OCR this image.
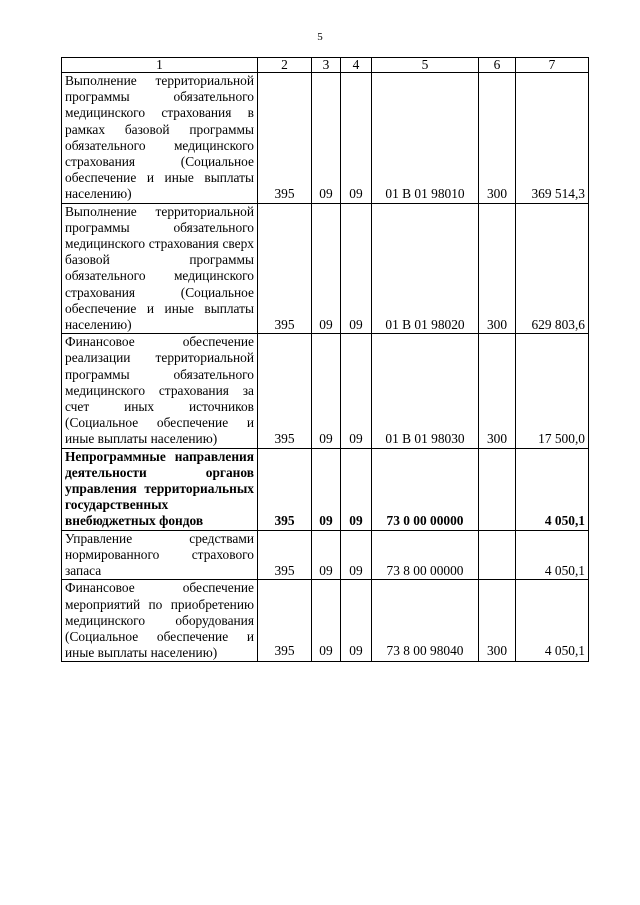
5
1	2	3	4	5	6	7
Выполнение территориальной программы обязательного медицинского страхования в рамках базовой программы обязательного медицинского страхования (Социальное обеспечение и иные выплаты населению)	395	09	09	01 В 01 98010	300	369 514,3
Выполнение территориальной программы обязательного медицинского страхования сверх базовой программы обязательного медицинского страхования (Социальное обеспечение и иные выплаты населению)	395	09	09	01 В 01 98020	300	629 803,6
Финансовое обеспечение реализации территориальной программы обязательного медицинского страхования за счет иных источников (Социальное обеспечение и иные выплаты населению)	395	09	09	01 В 01 98030	300	17 500,0
Непрограммные направления деятельности органов управления территориальных государственных внебюджетных фондов	395	09	09	73 0 00 00000		4 050,1
Управление средствами нормированного страхового запаса	395	09	09	73 8 00 00000		4 050,1
Финансовое обеспечение мероприятий по приобретению медицинского оборудования (Социальное обеспечение и иные выплаты населению)	395	09	09	73 8 00 98040	300	4 050,1
